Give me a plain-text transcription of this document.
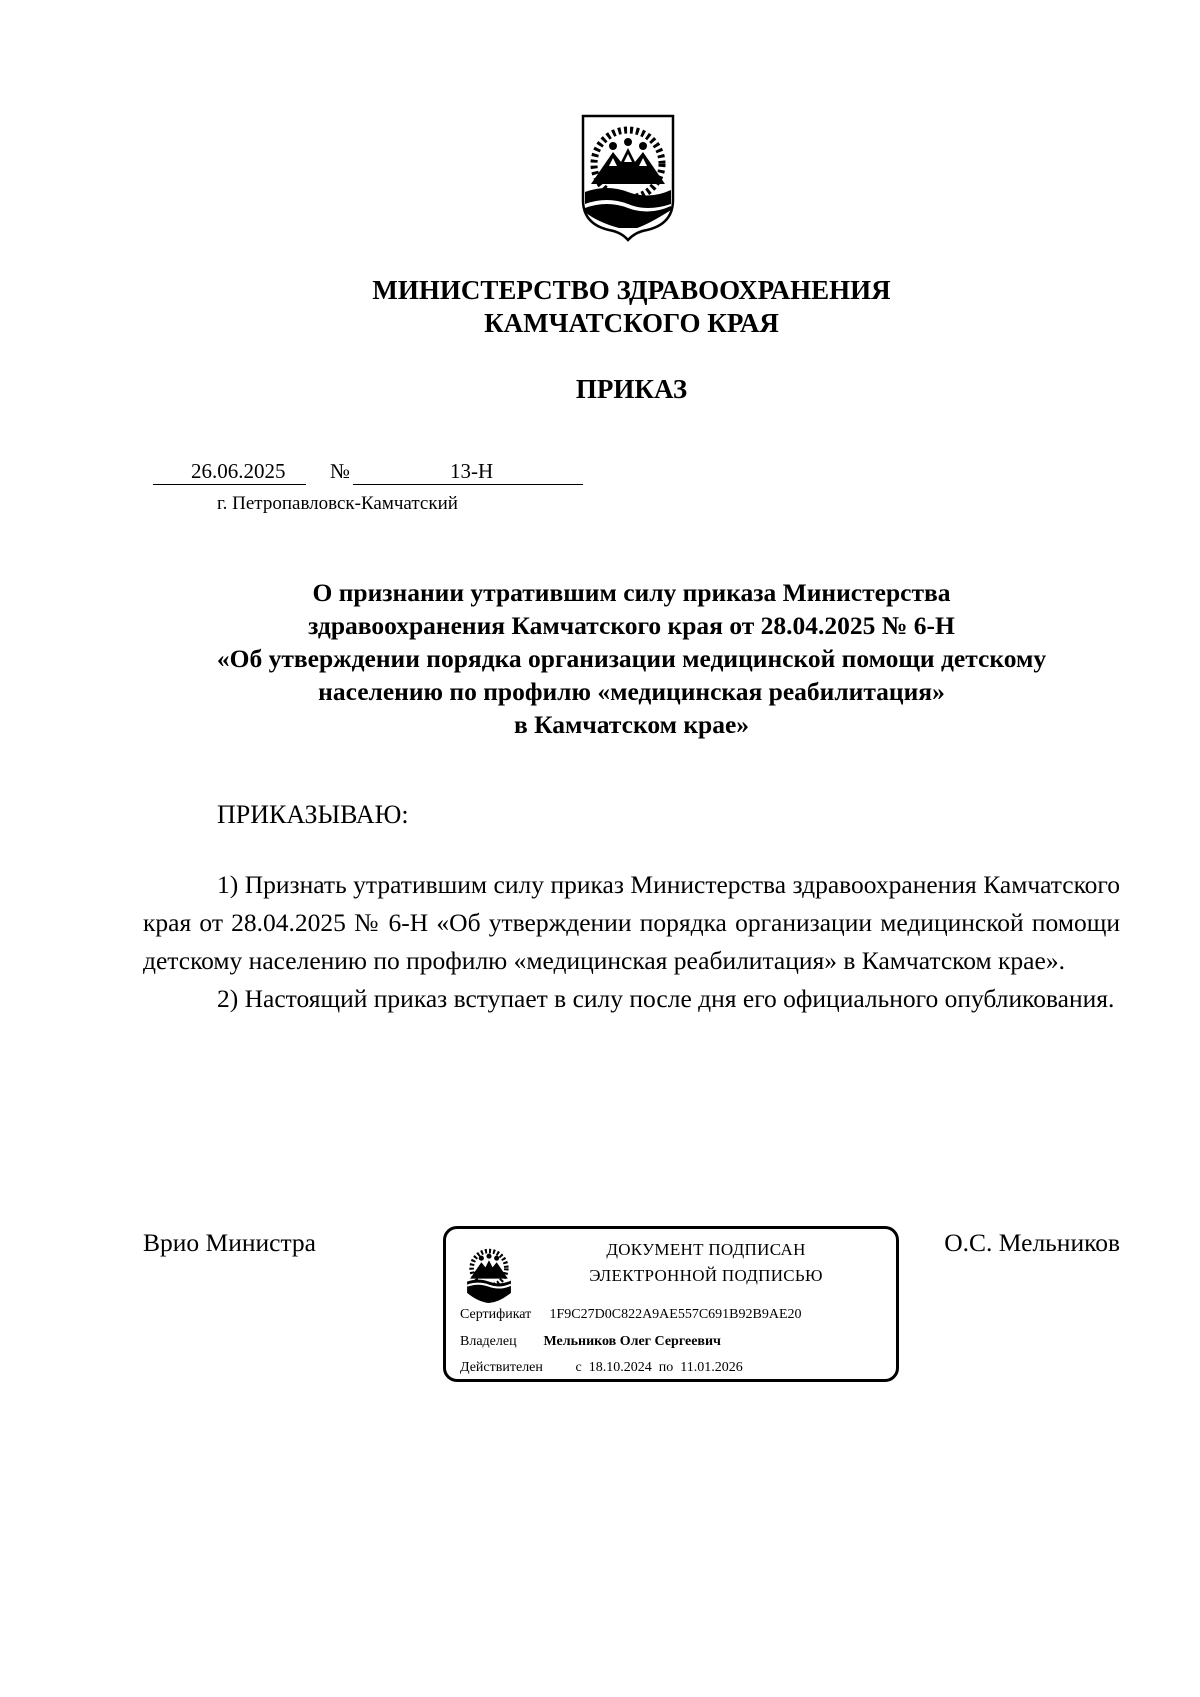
МИНИСТЕРСТВО ЗДРАВООХРАНЕНИЯ
КАМЧАТСКОГО КРАЯ
ПРИКАЗ
26.06.2025 №	13-Н
г. Петропавловск-Камчатский
О признании утратившим силу приказа Министерства
здравоохранения Камчатского края от 28.04.2025 № 6-Н
«Об утверждении порядка организации медицинской помощи детскому
населению по профилю «медицинская реабилитация»
в Камчатском крае»
ПРИКАЗЫВАЮ:

1) Признать утратившим силу приказ Министерства здравоохранения Камчатского края от 28.04.2025 № 6-Н «Об утверждении порядка организации медицинской помощи детскому населению по профилю «медицинская реабилитация» в Камчатском крае».

2) Настоящий приказ вступает в силу после дня его официального опубликования.

Врио Министра	ДОКУМЕНТ ПОДПИСАН
ЭЛЕКТРОННОЙ ПОДПИСЬЮ
Сертификат 1F9C27D0C822A9AE557C691B92B9AE20
Владелец Мельников Олег Сергеевич
Действителен с 18.10.2024 по 11.01.2026
О.С. Мельников
